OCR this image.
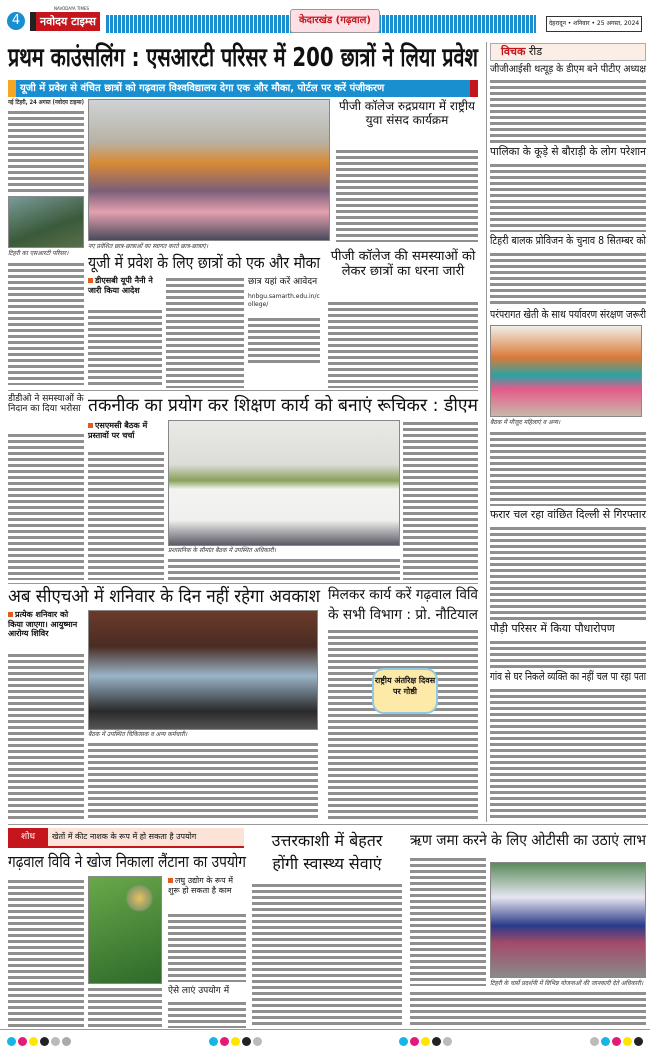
4
NAVODAYA TIMES
नवोदय टाइम्स	केदारखंड (गढ़वाल)	देहरादून • शनिवार • 25 अगस्त, 2024
प्रथम काउंसलिंग : एसआरटी परिसर में 200 छात्रों ने लिया प्रवेश
यूजी में प्रवेश से वंचित छात्रों को गढ़वाल विश्वविद्यालय देगा एक और मौका, पोर्टल पर करें पंजीकरण
नई टिहरी, 24 अगस्त (नवोदय टाइम्स)
टिहरी का एसआरटी परिसर।
नए प्रवेशित छात्र-छात्राओं का स्वागत करते छात्र-छात्राएं।
पीजी कॉलेज रुद्रप्रयाग में राष्ट्रीय युवा संसद कार्यक्रम
यूजी में प्रवेश के लिए छात्रों को एक और मौका
डीएसबी यूपी नैनी ने जारी किया आदेश
छात्र यहां करें आवेदन
hnbgu.samarth.edu.in/college/
पीजी कॉलेज की समस्याओं को लेकर छात्रों का धरना जारी
डीडीओ ने समस्याओं के निदान का दिया भरोसा तकनीक का प्रयोग कर शिक्षण कार्य को बनाएं रूचिकर : डीएम
एसएमसी बैठक में प्रस्तावों पर चर्चा
प्रशासनिक के सीमांत बैठक में उपस्थित अधिकारी।
अब सीएचओ में शनिवार के दिन नहीं रहेगा अवकाश
प्रत्येक शनिवार को किया जाएगा। आयुष्मान आरोग्य शिविर
बैठक में उपस्थित चिकित्सक व अन्य कर्मचारी।
मिलकर कार्य करें गढ़वाल विवि
के सभी विभाग : प्रो. नौटियाल
राष्ट्रीय अंतरिक्ष दिवस पर गोष्ठी
विचक रीड
जीजीआईसी थत्यूड़ के डीएम बने पीटीए अध्यक्ष
पालिका के कूड़े से बौराड़ी के लोग परेशान
टिहरी बालक प्रोविजन के चुनाव 8 सितम्बर को
परंपरागत खेती के साथ पर्यावरण संरक्षण जरूरी
बैठक में मौजूद महिलाएं व अन्य।
फरार चल रहा वांछित दिल्ली से गिरफ्तार
पौड़ी परिसर में किया पौधारोपण
गांव से घर निकले व्यक्ति का नहीं चल पा रहा पता
शोध	खेतों में कीट नाशक के रूप में हो सकता है उपयोग
गढ़वाल विवि ने खोज निकाला लैंटाना का उपयोग
लघु उद्योग के रूप में शुरू हो सकता है काम
ऐसे लाएं उपयोग में
उत्तरकाशी में बेहतर
होंगी स्वास्थ्य सेवाएं
ऋण जमा करने के लिए ओटीसी का उठाएं लाभ
टिहरी के चार्से प्रदर्शनी में विभिन्न योजनाओं की जानकारी देते अधिकारी।
